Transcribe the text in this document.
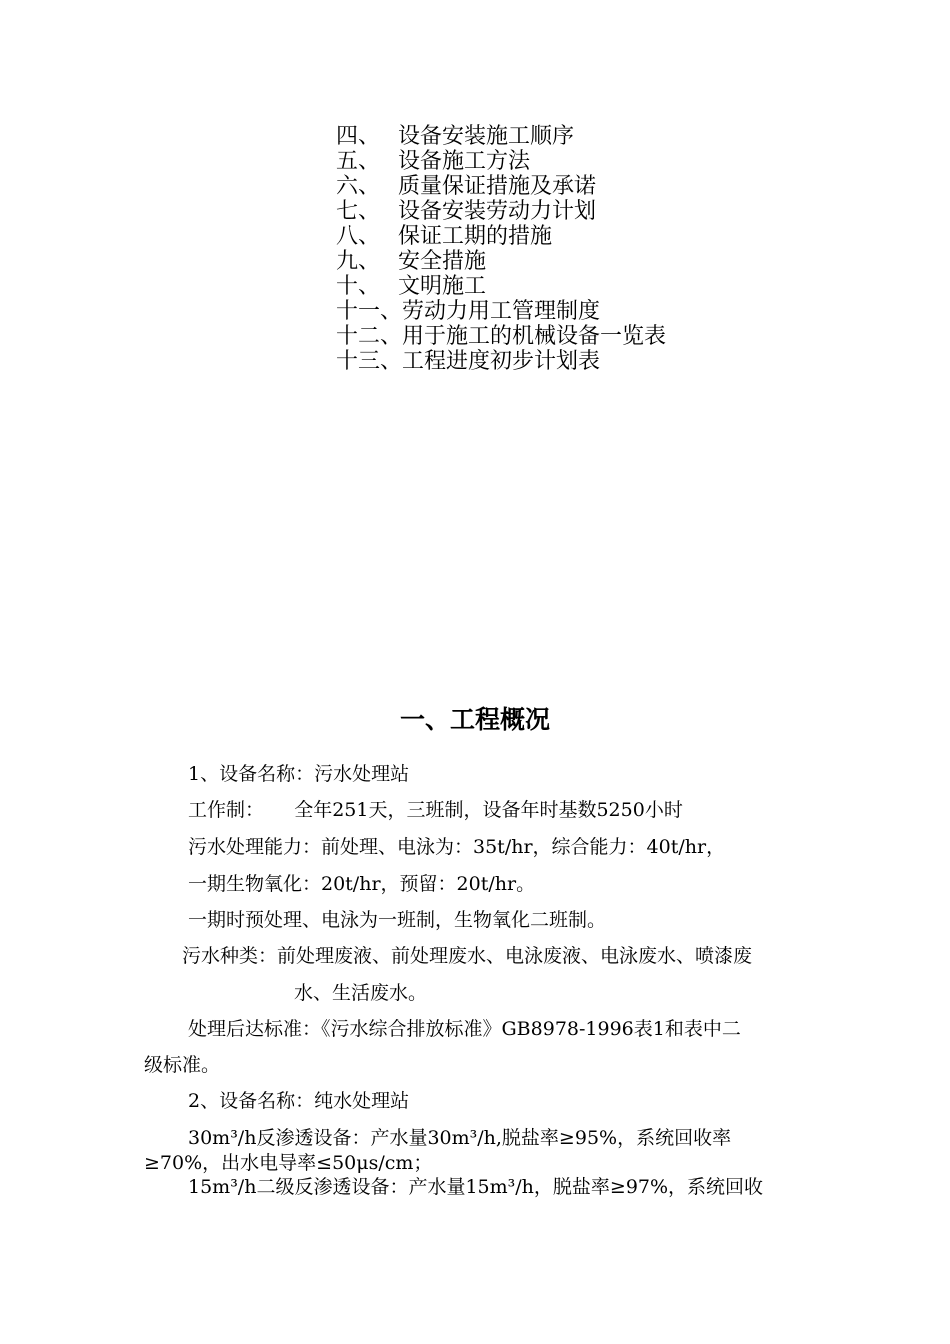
四、 设备安装施工顺序
五、 设备施工方法
六、 质量保证措施及承诺
七、 设备安装劳动力计划
八、 保证工期的措施
九、 安全措施
十、 文明施工
十一、劳动力用工管理制度
十二、用于施工的机械设备一览表
十三、工程进度初步计划表
一、工程概况
1、设备名称：污水处理站
工作制：     全年251天，三班制，设备年时基数5250小时
污水处理能力：前处理、电泳为：35t/hr，综合能力：40t/hr，
一期生物氧化：20t/hr，预留：20t/hr。
一期时预处理、电泳为一班制，生物氧化二班制。
污水种类：前处理废液、前处理废水、电泳废液、电泳废水、喷漆废
水、生活废水。
处理后达标准：《污水综合排放标准》GB8978-1996表1和表中二
级标准。
2、设备名称：纯水处理站
30m³/h反渗透设备：产水量30m³/h,脱盐率≥95%，系统回收率
≥70%，出水电导率≤50μs/cm；
15m³/h二级反渗透设备：产水量15m³/h，脱盐率≥97%，系统回收
